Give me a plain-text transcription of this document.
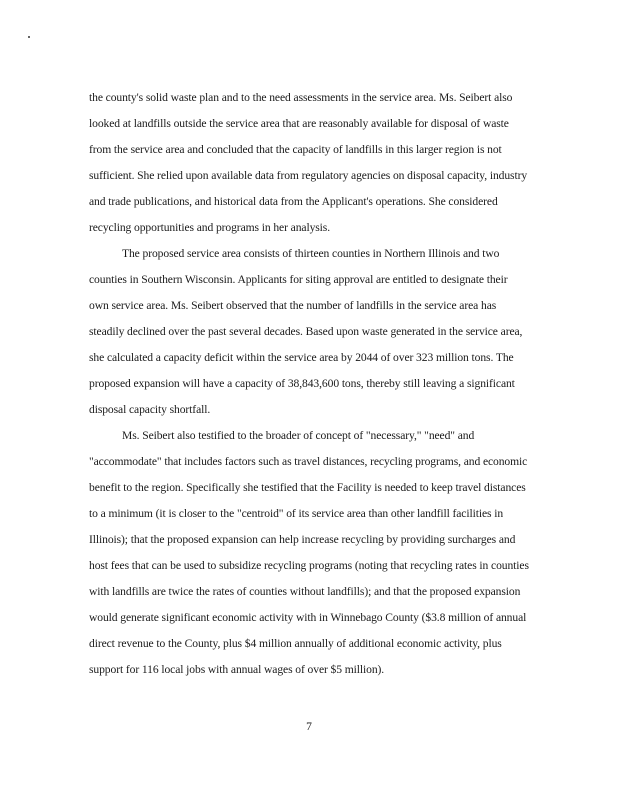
the county's solid waste plan and to the need assessments in the service area. Ms. Seibert also
looked at landfills outside the service area that are reasonably available for disposal of waste
from the service area and concluded that the capacity of landfills in this larger region is not
sufficient. She relied upon available data from regulatory agencies on disposal capacity, industry
and trade publications, and historical data from the Applicant's operations. She considered
recycling opportunities and programs in her analysis.
The proposed service area consists of thirteen counties in Northern Illinois and two
counties in Southern Wisconsin. Applicants for siting approval are entitled to designate their
own service area. Ms. Seibert observed that the number of landfills in the service area has
steadily declined over the past several decades. Based upon waste generated in the service area,
she calculated a capacity deficit within the service area by 2044 of over 323 million tons. The
proposed expansion will have a capacity of 38,843,600 tons, thereby still leaving a significant
disposal capacity shortfall.
Ms. Seibert also testified to the broader of concept of "necessary," "need" and
"accommodate" that includes factors such as travel distances, recycling programs, and economic
benefit to the region. Specifically she testified that the Facility is needed to keep travel distances
to a minimum (it is closer to the "centroid" of its service area than other landfill facilities in
Illinois); that the proposed expansion can help increase recycling by providing surcharges and
host fees that can be used to subsidize recycling programs (noting that recycling rates in counties
with landfills are twice the rates of counties without landfills); and that the proposed expansion
would generate significant economic activity with in Winnebago County ($3.8 million of annual
direct revenue to the County, plus $4 million annually of additional economic activity, plus
support for 116 local jobs with annual wages of over $5 million).
7
